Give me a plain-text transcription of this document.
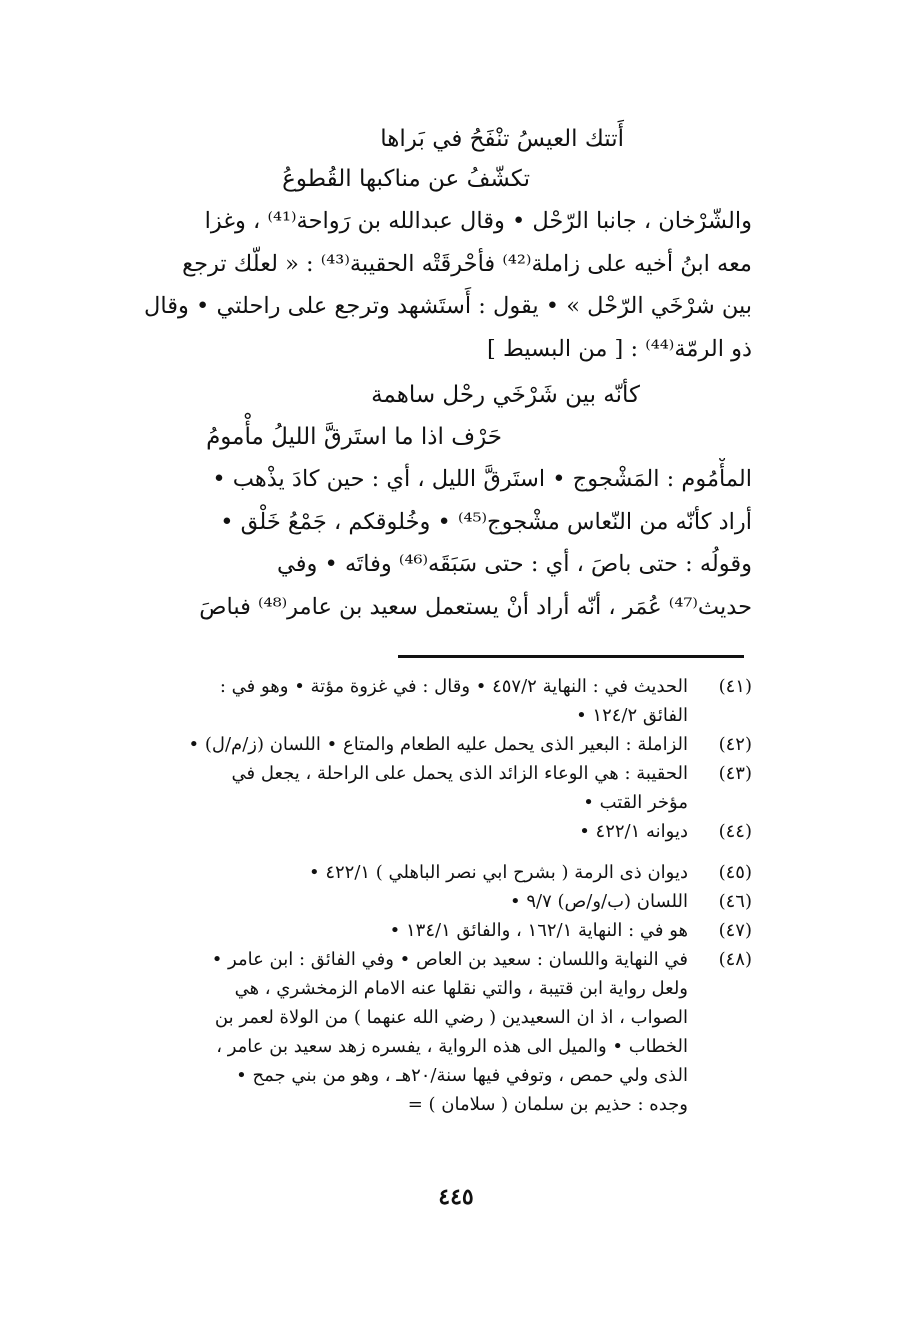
أَتتك العيسُ تنْفَحُ في بَراها
تكشّفُ عن مناكبها القُطوعُ
والشّرْخان ، جانبا الرّحْل • وقال عبدالله بن رَواحة⁽⁴¹⁾ ، وغزا
معه ابنُ أخيه على زاملة⁽⁴²⁾ فأحْرقَتْه الحقيبة⁽⁴³⁾ : « لعلّك ترجع
بين شرْخَي الرّحْل » • يقول : أَستَشهد وترجع على راحلتي • وقال
ذو الرمّة⁽⁴⁴⁾ : [ من البسيط ]
كأنّه بين شَرْخَي رحْل ساهمة
حَرْف اذا ما استَرقَّ الليلُ مأْمومُ
المأْمُوم : المَشْجوج • استَرقَّ الليل ، أي : حين كادَ يذْهب •
أراد كأنّه من النّعاس مشْجوج⁽⁴⁵⁾ • وخُلوقكم ، جَمْعُ خَلْق •
وقولُه : حتى باصَ ، أي : حتى سَبَقَه⁽⁴⁶⁾ وفاتَه • وفي
حديث⁽⁴⁷⁾ عُمَر ، أنّه أراد أنْ يستعمل سعيد بن عامر⁽⁴⁸⁾ فباصَ
(٤١)
الحديث في : النهاية ٤٥٧/٢ • وقال : في غزوة مؤتة • وهو في :
الفائق ١٢٤/٢ •
(٤٢)
الزاملة : البعير الذى يحمل عليه الطعام والمتاع • اللسان (ز/م/ل) •
(٤٣)
الحقيبة : هي الوعاء الزائد الذى يحمل على الراحلة ، يجعل في
مؤخر القتب •
(٤٤)
ديوانه ٤٢٢/١ •
(٤٥)
ديوان ذى الرمة ( بشرح ابي نصر الباهلي ) ٤٢٢/١ •
(٤٦)
اللسان (ب/و/ص) ٩/٧ •
(٤٧)
هو في : النهاية ١٦٢/١ ، والفائق ١٣٤/١ •
(٤٨)
في النهاية واللسان : سعيد بن العاص • وفي الفائق : ابن عامر •
ولعل رواية ابن قتيبة ، والتي نقلها عنه الامام الزمخشري ، هي
الصواب ، اذ ان السعيدين ( رضي الله عنهما ) من الولاة لعمر بن
الخطاب • والميل الى هذه الرواية ، يفسره زهد سعيد بن عامر ،
الذى ولي حمص ، وتوفي فيها سنة/٢٠هـ ، وهو من بني جمح •
وجده : حذيم بن سلمان ( سلامان ) =
٤٤٥
